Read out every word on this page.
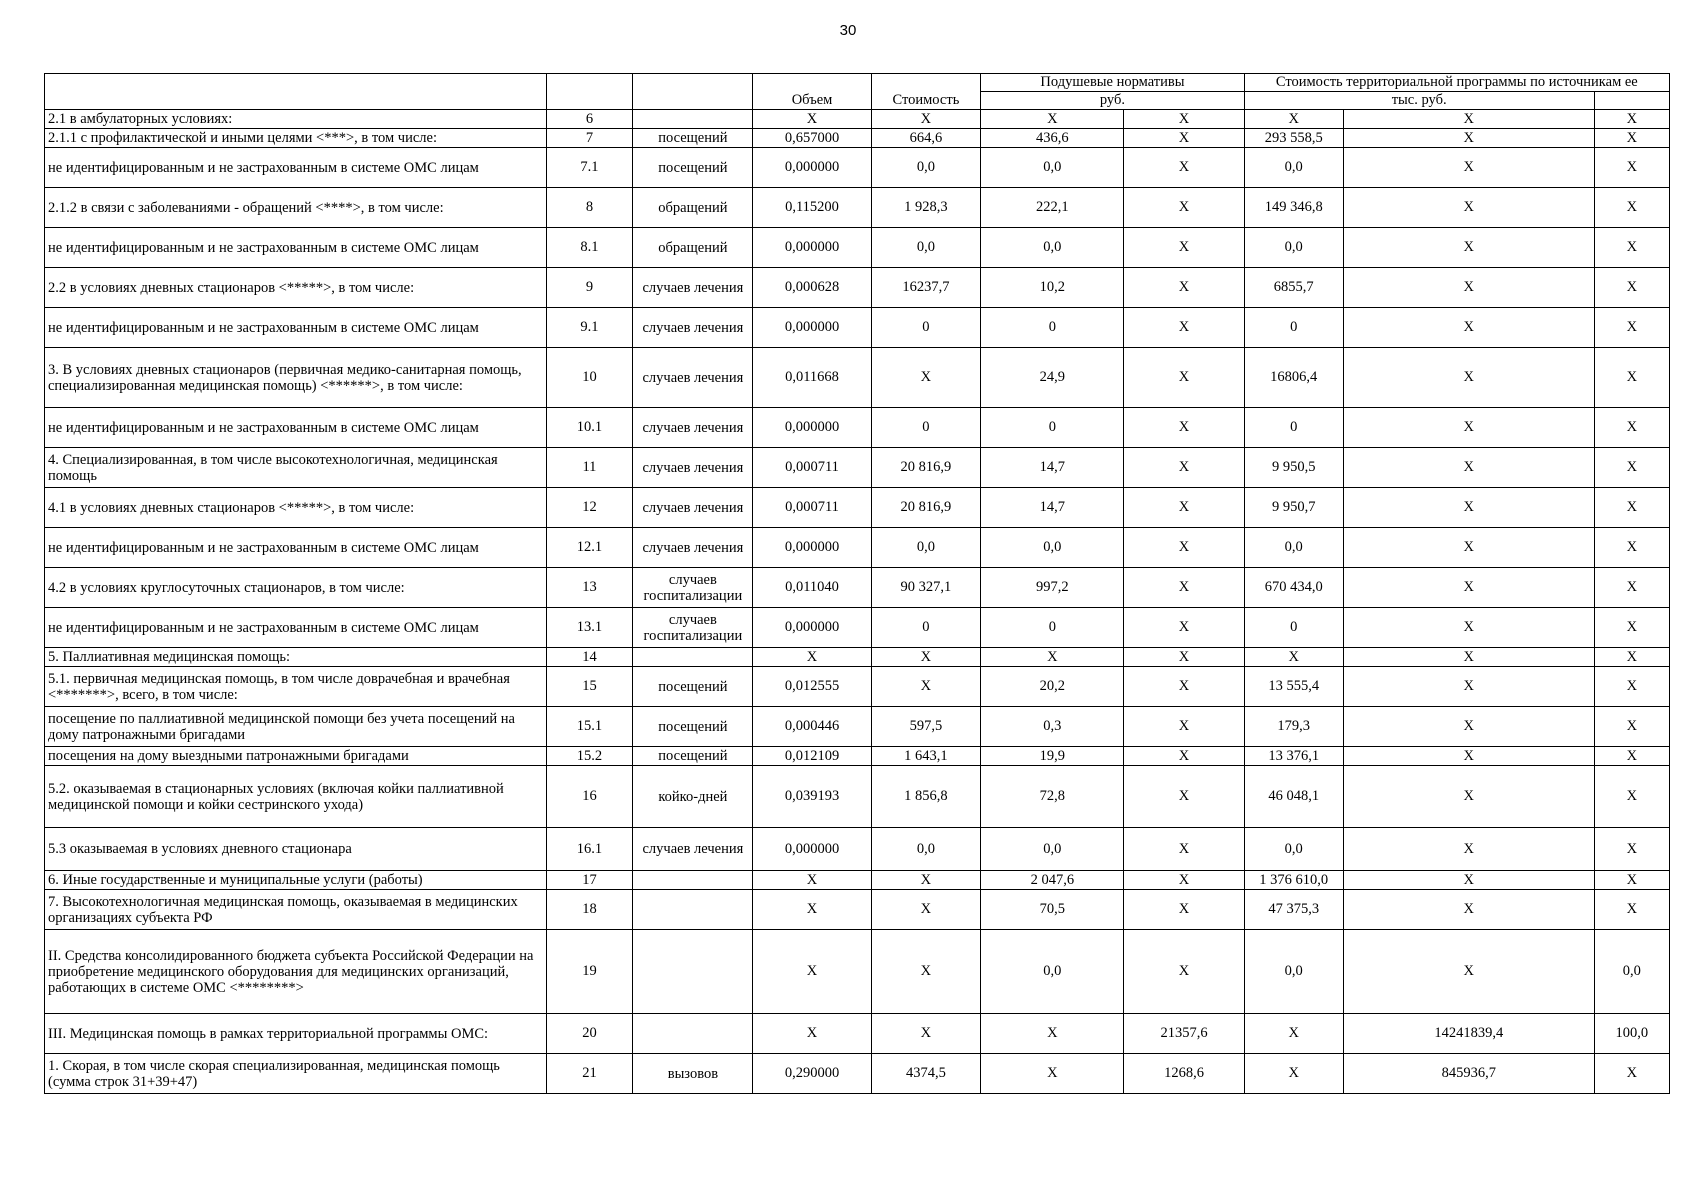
30
			Объем	Стоимость	Подушевые нормативы		Стоимость территориальной программы по источникам ее		
					руб.		тыс. руб.		
2.1 в амбулаторных условиях:	6		X	X	X	X	X	X	X
2.1.1 с профилактической и иными целями <***>, в том числе:	7	посещений	0,657000	664,6	436,6	X	293 558,5	X	X
не идентифицированным и не застрахованным в системе ОМС лицам	7.1	посещений	0,000000	0,0	0,0	X	0,0	X	X
2.1.2 в связи с заболеваниями - обращений <****>, в том числе:	8	обращений	0,115200	1 928,3	222,1	X	149 346,8	X	X
не идентифицированным и не застрахованным в системе ОМС лицам	8.1	обращений	0,000000	0,0	0,0	X	0,0	X	X
2.2 в условиях дневных стационаров <*****>, в том числе:	9	случаев лечения	0,000628	16237,7	10,2	X	6855,7	X	X
не идентифицированным и не застрахованным в системе ОМС лицам	9.1	случаев лечения	0,000000	0	0	X	0	X	X
3. В условиях дневных стационаров (первичная медико-санитарная помощь, специализированная медицинская помощь) <******>, в том числе:	10	случаев лечения	0,011668	X	24,9	X	16806,4	X	X
не идентифицированным и не застрахованным в системе ОМС лицам	10.1	случаев лечения	0,000000	0	0	X	0	X	X
4. Специализированная, в том числе высокотехнологичная, медицинская помощь	11	случаев лечения	0,000711	20 816,9	14,7	X	9 950,5	X	X
4.1 в условиях дневных стационаров <*****>, в том числе:	12	случаев лечения	0,000711	20 816,9	14,7	X	9 950,7	X	X
не идентифицированным и не застрахованным в системе ОМС лицам	12.1	случаев лечения	0,000000	0,0	0,0	X	0,0	X	X
4.2 в условиях круглосуточных стационаров, в том числе:	13	случаев госпитализации	0,011040	90 327,1	997,2	X	670 434,0	X	X
не идентифицированным и не застрахованным в системе ОМС лицам	13.1	случаев госпитализации	0,000000	0	0	X	0	X	X
5. Паллиативная медицинская помощь:	14		X	X	X	X	X	X	X
5.1. первичная медицинская помощь, в том числе доврачебная и врачебная <*******>, всего, в том числе:	15	посещений	0,012555	X	20,2	X	13 555,4	X	X
посещение по паллиативной медицинской помощи без учета посещений на дому патронажными бригадами	15.1	посещений	0,000446	597,5	0,3	X	179,3	X	X
посещения на дому выездными патронажными бригадами	15.2	посещений	0,012109	1 643,1	19,9	X	13 376,1	X	X
5.2. оказываемая в стационарных условиях (включая койки паллиативной медицинской помощи и койки сестринского ухода)	16	койко-дней	0,039193	1 856,8	72,8	X	46 048,1	X	X
5.3 оказываемая в условиях дневного стационара	16.1	случаев лечения	0,000000	0,0	0,0	X	0,0	X	X
6. Иные государственные и муниципальные услуги (работы)	17		X	X	2 047,6	X	1 376 610,0	X	X
7. Высокотехнологичная медицинская помощь, оказываемая в медицинских организациях субъекта РФ	18		X	X	70,5	X	47 375,3	X	X
II. Средства консолидированного бюджета субъекта Российской Федерации на приобретение медицинского оборудования для медицинских организаций, работающих в системе ОМС <********>	19		X	X	0,0	X	0,0	X	0,0
III. Медицинская помощь в рамках территориальной программы ОМС:	20		X	X	X	21357,6	X	14241839,4	100,0
1. Скорая, в том числе скорая специализированная, медицинская помощь (сумма строк 31+39+47)	21	вызовов	0,290000	4374,5	X	1268,6	X	845936,7	X
